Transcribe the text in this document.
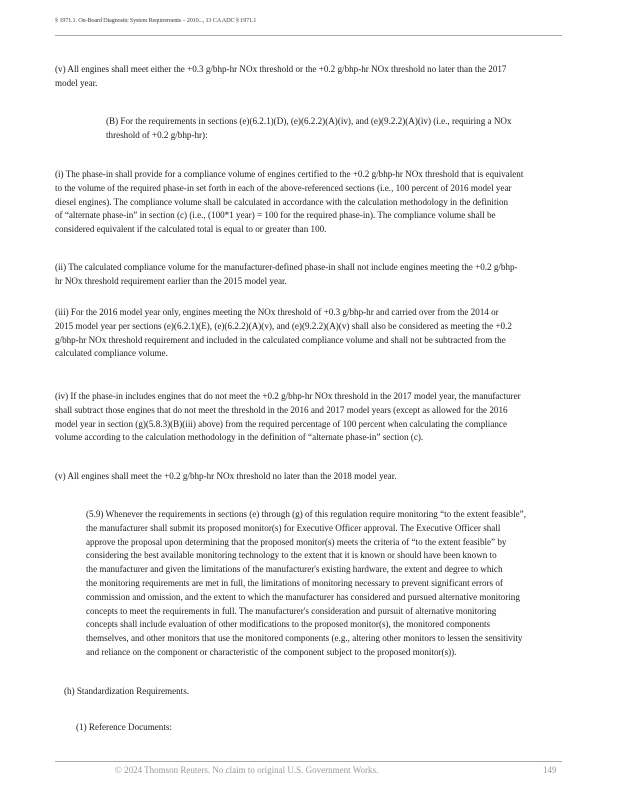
§ 1971.1. On-Board Diagnostic System Requirements – 2010..., 13 CA ADC § 1971.1
(v) All engines shall meet either the +0.3 g/bhp-hr NOx threshold or the +0.2 g/bhp-hr NOx threshold no later than the 2017
model year.
(B) For the requirements in sections (e)(6.2.1)(D), (e)(6.2.2)(A)(iv), and (e)(9.2.2)(A)(iv) (i.e., requiring a NOx
threshold of +0.2 g/bhp-hr):
(i) The phase-in shall provide for a compliance volume of engines certified to the +0.2 g/bhp-hr NOx threshold that is equivalent
to the volume of the required phase-in set forth in each of the above-referenced sections (i.e., 100 percent of 2016 model year
diesel engines). The compliance volume shall be calculated in accordance with the calculation methodology in the definition
of “alternate phase-in” in section (c) (i.e., (100*1 year) = 100 for the required phase-in). The compliance volume shall be
considered equivalent if the calculated total is equal to or greater than 100.
(ii) The calculated compliance volume for the manufacturer-defined phase-in shall not include engines meeting the +0.2 g/bhp-
hr NOx threshold requirement earlier than the 2015 model year.
(iii) For the 2016 model year only, engines meeting the NOx threshold of +0.3 g/bhp-hr and carried over from the 2014 or
2015 model year per sections (e)(6.2.1)(E), (e)(6.2.2)(A)(v), and (e)(9.2.2)(A)(v) shall also be considered as meeting the +0.2
g/bhp-hr NOx threshold requirement and included in the calculated compliance volume and shall not be subtracted from the
calculated compliance volume.
(iv) If the phase-in includes engines that do not meet the +0.2 g/bhp-hr NOx threshold in the 2017 model year, the manufacturer
shall subtract those engines that do not meet the threshold in the 2016 and 2017 model years (except as allowed for the 2016
model year in section (g)(5.8.3)(B)(iii) above) from the required percentage of 100 percent when calculating the compliance
volume according to the calculation methodology in the definition of “alternate phase-in” section (c).
(v) All engines shall meet the +0.2 g/bhp-hr NOx threshold no later than the 2018 model year.
(5.9) Whenever the requirements in sections (e) through (g) of this regulation require monitoring “to the extent feasible”,
the manufacturer shall submit its proposed monitor(s) for Executive Officer approval. The Executive Officer shall
approve the proposal upon determining that the proposed monitor(s) meets the criteria of “to the extent feasible” by
considering the best available monitoring technology to the extent that it is known or should have been known to
the manufacturer and given the limitations of the manufacturer's existing hardware, the extent and degree to which
the monitoring requirements are met in full, the limitations of monitoring necessary to prevent significant errors of
commission and omission, and the extent to which the manufacturer has considered and pursued alternative monitoring
concepts to meet the requirements in full. The manufacturer's consideration and pursuit of alternative monitoring
concepts shall include evaluation of other modifications to the proposed monitor(s), the monitored components
themselves, and other monitors that use the monitored components (e.g., altering other monitors to lessen the sensitivity
and reliance on the component or characteristic of the component subject to the proposed monitor(s)).
(h) Standardization Requirements.
(1) Reference Documents:
© 2024 Thomson Reuters. No claim to original U.S. Government Works.	149
